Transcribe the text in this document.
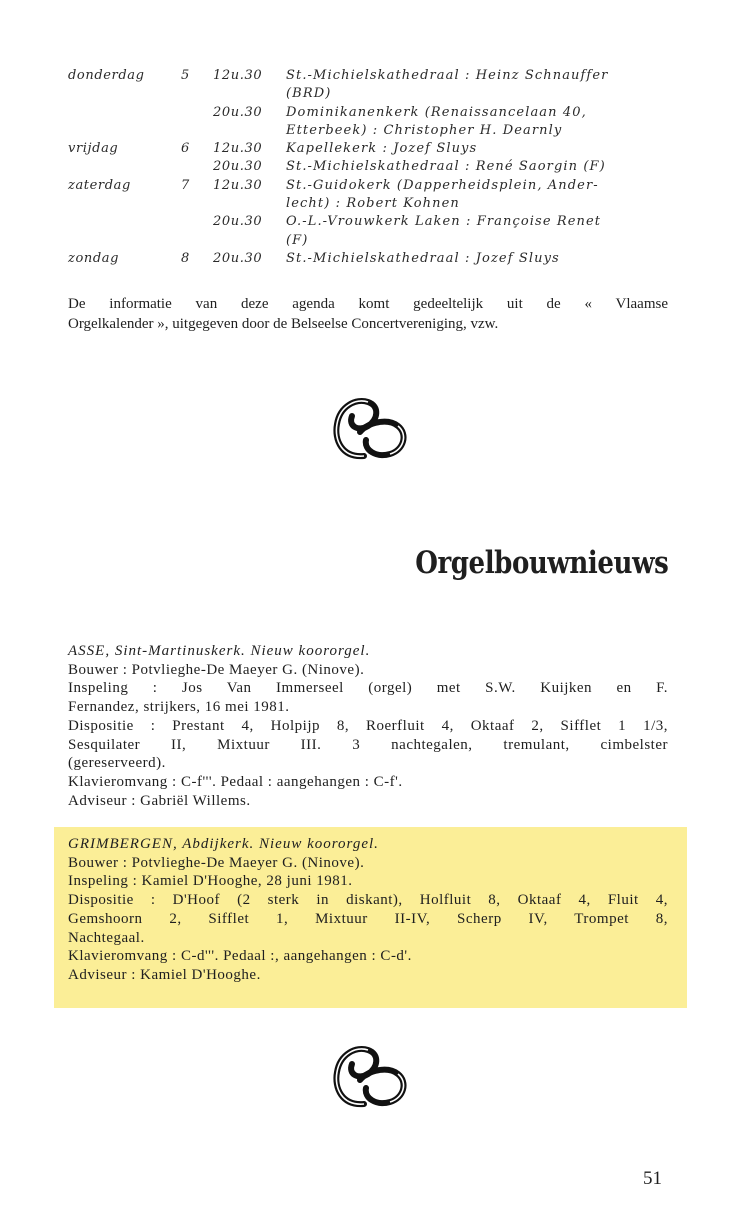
donderdag	5 12u.30 St.-Michielskathedraal : Heinz Schnauffer
(BRD)
20u.30 Dominikanenkerk (Renaissancelaan 40,
Etterbeek) : Christopher H. Dearnly
vrijdag	6 12u.30 Kapellekerk : Jozef Sluys
20u.30 St.-Michielskathedraal : René Saorgin (F)
zaterdag	7 12u.30 St.-Guidokerk (Dapperheidsplein, Ander-
lecht) : Robert Kohnen
20u.30 O.-L.-Vrouwkerk Laken : Françoise Renet
(F)
zondag	8 20u.30 St.-Michielskathedraal : Jozef Sluys
De informatie van deze agenda komt gedeeltelijk uit de « Vlaamse
Orgelkalender », uitgegeven door de Belseelse Concertvereniging, vzw.
Orgelbouwnieuws
ASSE, Sint-Martinuskerk. Nieuw koororgel.
Bouwer : Potvlieghe-De Maeyer G. (Ninove).
Inspeling : Jos Van Immerseel (orgel) met S.W. Kuijken en F.
Fernandez, strijkers, 16 mei 1981.
Dispositie : Prestant 4, Holpijp 8, Roerfluit 4, Oktaaf 2, Sifflet 1 1/3,
Sesquilater II, Mixtuur III. 3 nachtegalen, tremulant, cimbelster
(gereserveerd).
Klavieromvang : C-f'''. Pedaal : aangehangen : C-f'.
Adviseur : Gabriël Willems.
GRIMBERGEN, Abdijkerk. Nieuw koororgel.
Bouwer : Potvlieghe-De Maeyer G. (Ninove).
Inspeling : Kamiel D'Hooghe, 28 juni 1981.
Dispositie : D'Hoof (2 sterk in diskant), Holfluit 8, Oktaaf 4, Fluit 4,
Gemshoorn 2, Sifflet 1, Mixtuur II-IV, Scherp IV, Trompet 8,
Nachtegaal.
Klavieromvang : C-d'''. Pedaal :, aangehangen : C-d'.
Adviseur : Kamiel D'Hooghe.
51
